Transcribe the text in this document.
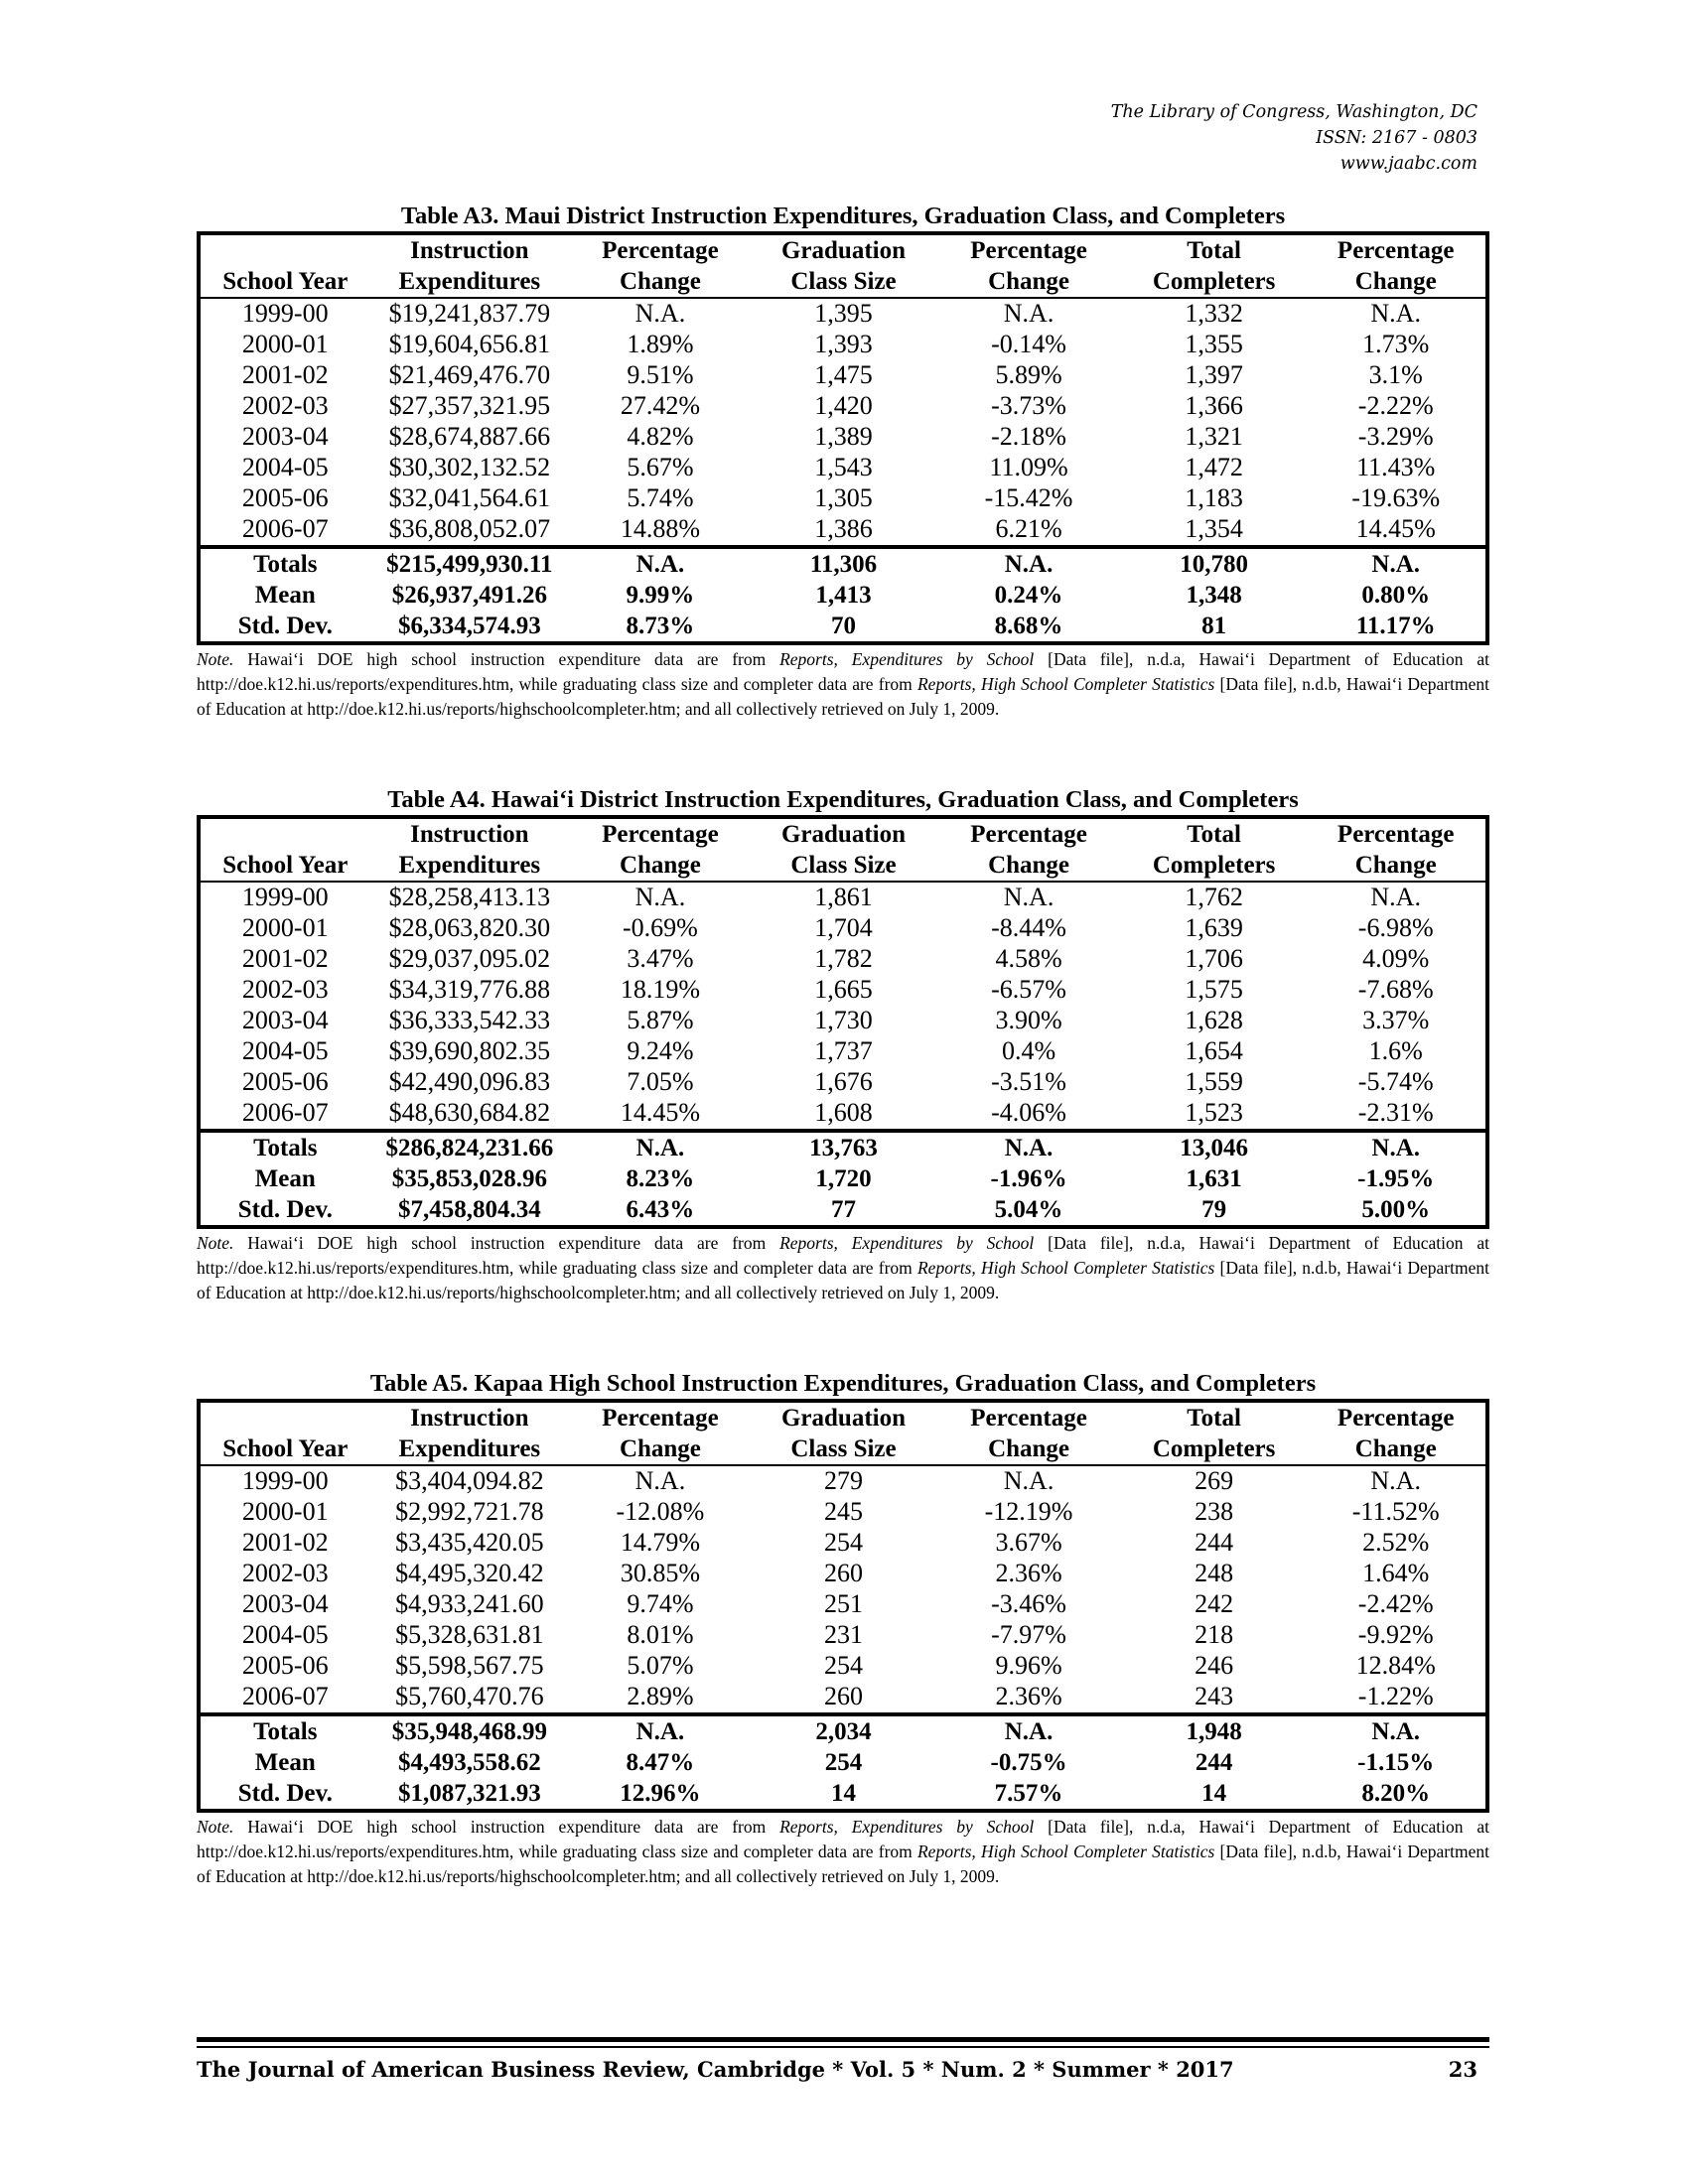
The Library of Congress, Washington, DC
ISSN: 2167 - 0803
www.jaabc.com
Table A3. Maui District Instruction Expenditures, Graduation Class, and Completers
	Instruction	Percentage	Graduation	Percentage	Total	Percentage
School Year	Expenditures	Change	Class Size	Change	Completers	Change
1999-00	$19,241,837.79	N.A.	1,395	N.A.	1,332	N.A.
2000-01	$19,604,656.81	1.89%	1,393	-0.14%	1,355	1.73%
2001-02	$21,469,476.70	9.51%	1,475	5.89%	1,397	3.1%
2002-03	$27,357,321.95	27.42%	1,420	-3.73%	1,366	-2.22%
2003-04	$28,674,887.66	4.82%	1,389	-2.18%	1,321	-3.29%
2004-05	$30,302,132.52	5.67%	1,543	11.09%	1,472	11.43%
2005-06	$32,041,564.61	5.74%	1,305	-15.42%	1,183	-19.63%
2006-07	$36,808,052.07	14.88%	1,386	6.21%	1,354	14.45%
Totals	$215,499,930.11	N.A.	11,306	N.A.	10,780	N.A.
Mean	$26,937,491.26	9.99%	1,413	0.24%	1,348	0.80%
Std. Dev.	$6,334,574.93	8.73%	70	8.68%	81	11.17%
Note. Hawai‘i DOE high school instruction expenditure data are from Reports, Expenditures by School [Data file], n.d.a, Hawai‘i Department of Education at http://doe.k12.hi.us/reports/expenditures.htm, while graduating class size and completer data are from Reports, High School Completer Statistics [Data file], n.d.b, Hawai‘i Department of Education at http://doe.k12.hi.us/reports/highschoolcompleter.htm; and all collectively retrieved on July 1, 2009.
Table A4. Hawai‘i District Instruction Expenditures, Graduation Class, and Completers
	Instruction	Percentage	Graduation	Percentage	Total	Percentage
School Year	Expenditures	Change	Class Size	Change	Completers	Change
1999-00	$28,258,413.13	N.A.	1,861	N.A.	1,762	N.A.
2000-01	$28,063,820.30	-0.69%	1,704	-8.44%	1,639	-6.98%
2001-02	$29,037,095.02	3.47%	1,782	4.58%	1,706	4.09%
2002-03	$34,319,776.88	18.19%	1,665	-6.57%	1,575	-7.68%
2003-04	$36,333,542.33	5.87%	1,730	3.90%	1,628	3.37%
2004-05	$39,690,802.35	9.24%	1,737	0.4%	1,654	1.6%
2005-06	$42,490,096.83	7.05%	1,676	-3.51%	1,559	-5.74%
2006-07	$48,630,684.82	14.45%	1,608	-4.06%	1,523	-2.31%
Totals	$286,824,231.66	N.A.	13,763	N.A.	13,046	N.A.
Mean	$35,853,028.96	8.23%	1,720	-1.96%	1,631	-1.95%
Std. Dev.	$7,458,804.34	6.43%	77	5.04%	79	5.00%
Note. Hawai‘i DOE high school instruction expenditure data are from Reports, Expenditures by School [Data file], n.d.a, Hawai‘i Department of Education at http://doe.k12.hi.us/reports/expenditures.htm, while graduating class size and completer data are from Reports, High School Completer Statistics [Data file], n.d.b, Hawai‘i Department of Education at http://doe.k12.hi.us/reports/highschoolcompleter.htm; and all collectively retrieved on July 1, 2009.
Table A5. Kapaa High School Instruction Expenditures, Graduation Class, and Completers
	Instruction	Percentage	Graduation	Percentage	Total	Percentage
School Year	Expenditures	Change	Class Size	Change	Completers	Change
1999-00	$3,404,094.82	N.A.	279	N.A.	269	N.A.
2000-01	$2,992,721.78	-12.08%	245	-12.19%	238	-11.52%
2001-02	$3,435,420.05	14.79%	254	3.67%	244	2.52%
2002-03	$4,495,320.42	30.85%	260	2.36%	248	1.64%
2003-04	$4,933,241.60	9.74%	251	-3.46%	242	-2.42%
2004-05	$5,328,631.81	8.01%	231	-7.97%	218	-9.92%
2005-06	$5,598,567.75	5.07%	254	9.96%	246	12.84%
2006-07	$5,760,470.76	2.89%	260	2.36%	243	-1.22%
Totals	$35,948,468.99	N.A.	2,034	N.A.	1,948	N.A.
Mean	$4,493,558.62	8.47%	254	-0.75%	244	-1.15%
Std. Dev.	$1,087,321.93	12.96%	14	7.57%	14	8.20%
Note. Hawai‘i DOE high school instruction expenditure data are from Reports, Expenditures by School [Data file], n.d.a, Hawai‘i Department of Education at http://doe.k12.hi.us/reports/expenditures.htm, while graduating class size and completer data are from Reports, High School Completer Statistics [Data file], n.d.b, Hawai‘i Department of Education at http://doe.k12.hi.us/reports/highschoolcompleter.htm; and all collectively retrieved on July 1, 2009.
The Journal of American Business Review, Cambridge * Vol. 5 * Num. 2 * Summer * 2017	23
